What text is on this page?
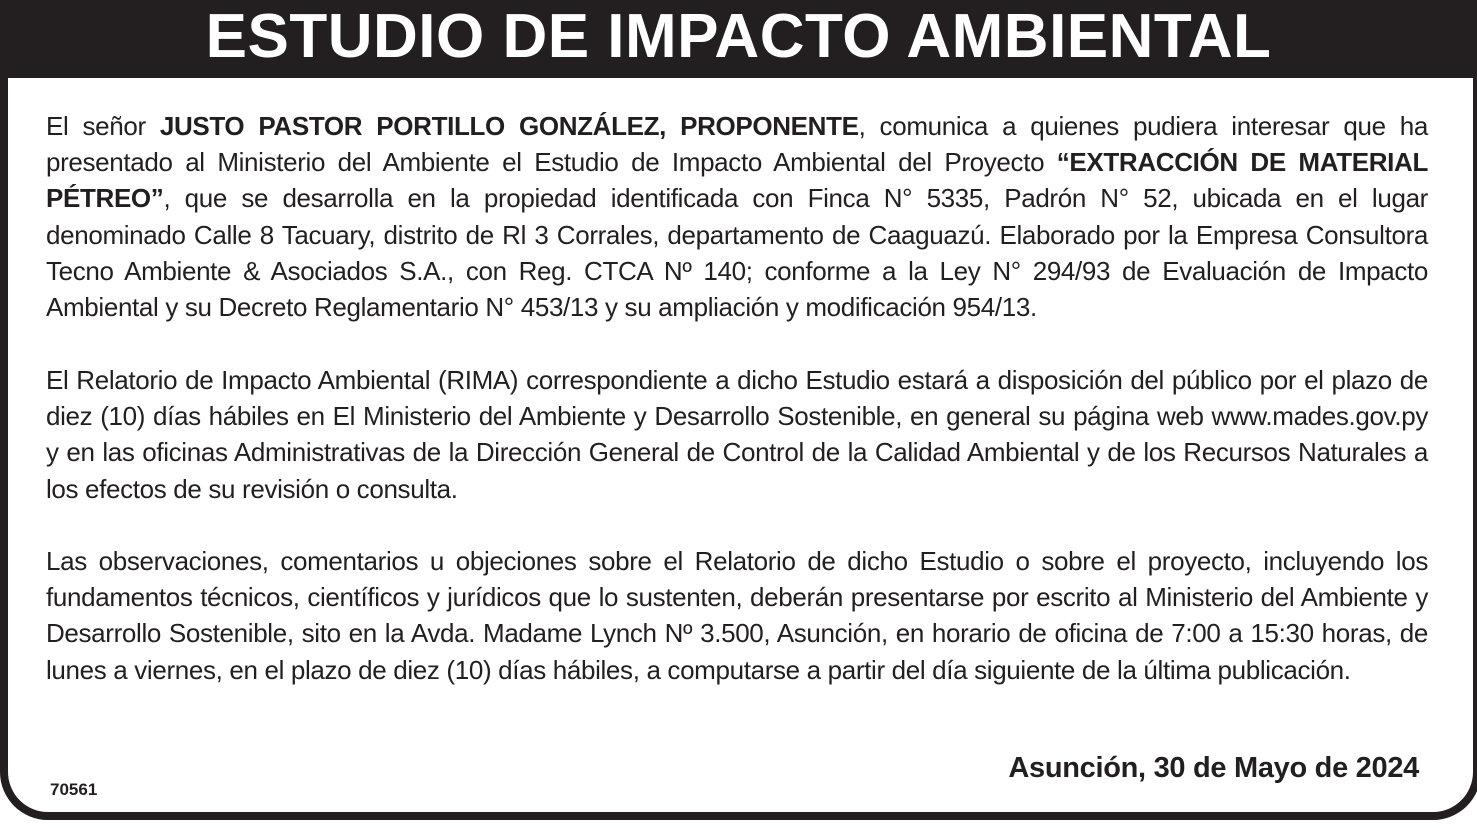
ESTUDIO DE IMPACTO AMBIENTAL
El señor JUSTO PASTOR PORTILLO GONZÁLEZ, PROPONENTE, comunica a quienes pudiera interesar que ha presentado al Ministerio del Ambiente el Estudio de Impacto Ambiental del Proyecto “EXTRACCIÓN DE MATERIAL PÉTREO”, que se desarrolla en la propiedad identificada con Finca N° 5335, Padrón N° 52, ubicada en el lugar denominado Calle 8 Tacuary, distrito de Rl 3 Corrales, departamento de Caaguazú. Elaborado por la Empresa Consultora Tecno Ambiente & Asociados S.A., con Reg. CTCA Nº 140; conforme a la Ley N° 294/93 de Evaluación de Impacto Ambiental y su Decreto Reglamentario N° 453/13 y su ampliación y modificación 954/13.
El Relatorio de Impacto Ambiental (RIMA) correspondiente a dicho Estudio estará a disposición del público por el plazo de diez (10) días hábiles en El Ministerio del Ambiente y Desarrollo Sostenible, en general su página web www.mades.gov.py y en las oficinas Administrativas de la Dirección General de Control de la Calidad Ambiental y de los Recursos Naturales a los efectos de su revisión o consulta.
Las observaciones, comentarios u objeciones sobre el Relatorio de dicho Estudio o sobre el proyecto, incluyendo los fundamentos técnicos, científicos y jurídicos que lo sustenten, deberán presentarse por escrito al Ministerio del Ambiente y Desarrollo Sostenible, sito en la Avda. Madame Lynch Nº 3.500, Asunción, en horario de oficina de 7:00 a 15:30 horas, de lunes a viernes, en el plazo de diez (10) días hábiles, a computarse a partir del día siguiente de la última publicación.
Asunción, 30 de Mayo de 2024
70561
